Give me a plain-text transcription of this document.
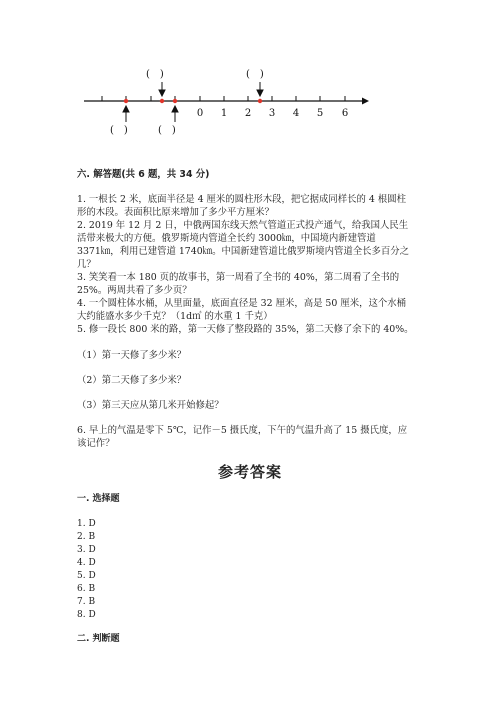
0 1 2 3 4 5 6
(　)	(　)
(　)	(　)
六. 解答题(共 6 题，共 34 分)
1. 一根长 2 米，底面半径是 4 厘米的圆柱形木段，把它据成同样长的 4 根圆柱
形的木段。表面积比原来增加了多少平方厘米？
2. 2019 年 12 月 2 日，中俄两国东线天然气管道正式投产通气，给我国人民生
活带来极大的方便。俄罗斯境内管道全长约 3000㎞，中国境内新建管道
3371㎞，利用已建管道 1740㎞。中国新建管道比俄罗斯境内管道全长多百分之
几？
3. 笑笑看一本 180 页的故事书，第一周看了全书的 40%，第二周看了全书的
25%。两周共看了多少页？
4. 一个圆柱体水桶，从里面量，底面直径是 32 厘米，高是 50 厘米，这个水桶
大约能盛水多少千克？（1d㎥ 的水重 1 千克）
5. 修一段长 800 米的路，第一天修了整段路的 35%，第二天修了余下的 40%。
（1）第一天修了多少米？
（2）第二天修了多少米？
（3）第三天应从第几米开始修起？
6. 早上的气温是零下 5℃，记作－5 摄氏度，下午的气温升高了 15 摄氏度，应
该记作？
参考答案
一. 选择题
1. D
2. B
3. D
4. D
5. D
6. B
7. B
8. D
二. 判断题
